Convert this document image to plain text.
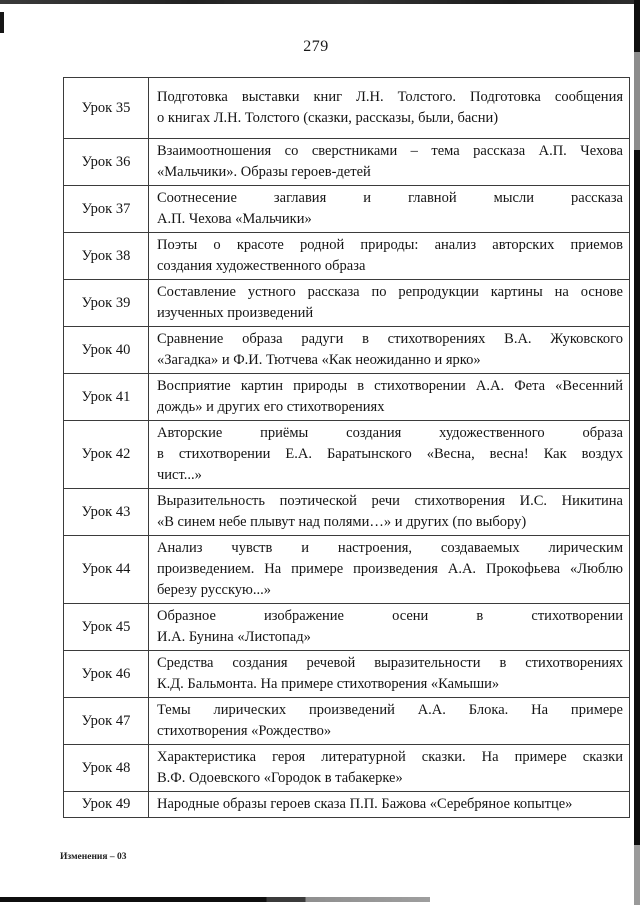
279
Урок 35	Подготовка выставки книг Л.Н. Толстого. Подготовка сообщения
о книгах Л.Н. Толстого (сказки, рассказы, были, басни)

Урок 36	Взаимоотношения со сверстниками – тема рассказа А.П. Чехова
«Мальчики». Образы героев-детей

Урок 37	Соотнесение заглавия и главной мысли рассказа
А.П. Чехова «Мальчики»

Урок 38	Поэты о красоте родной природы: анализ авторских приемов
создания художественного образа

Урок 39	Составление устного рассказа по репродукции картины на основе
изученных произведений

Урок 40	Сравнение образа радуги в стихотворениях В.А. Жуковского
«Загадка» и Ф.И. Тютчева «Как неожиданно и ярко»

Урок 41	Восприятие картин природы в стихотворении А.А. Фета «Весенний
дождь» и других его стихотворениях

Урок 42	Авторские приёмы создания художественного образа
в стихотворении Е.А. Баратынского «Весна, весна! Как воздух
чист...»

Урок 43	Выразительность поэтической речи стихотворения И.С. Никитина
«В синем небе плывут над полями…» и других (по выбору)

Урок 44	Анализ чувств и настроения, создаваемых лирическим
произведением. На примере произведения А.А. Прокофьева «Люблю
березу русскую...»

Урок 45	Образное изображение осени в стихотворении
И.А. Бунина «Листопад»

Урок 46	Средства создания речевой выразительности в стихотворениях
К.Д. Бальмонта. На примере стихотворения «Камыши»

Урок 47	Темы лирических произведений А.А. Блока. На примере
стихотворения «Рождество»

Урок 48	Характеристика героя литературной сказки. На примере сказки
В.Ф. Одоевского «Городок в табакерке»

Урок 49	Народные образы героев сказа П.П. Бажова «Серебряное копытце»
Изменения – 03
